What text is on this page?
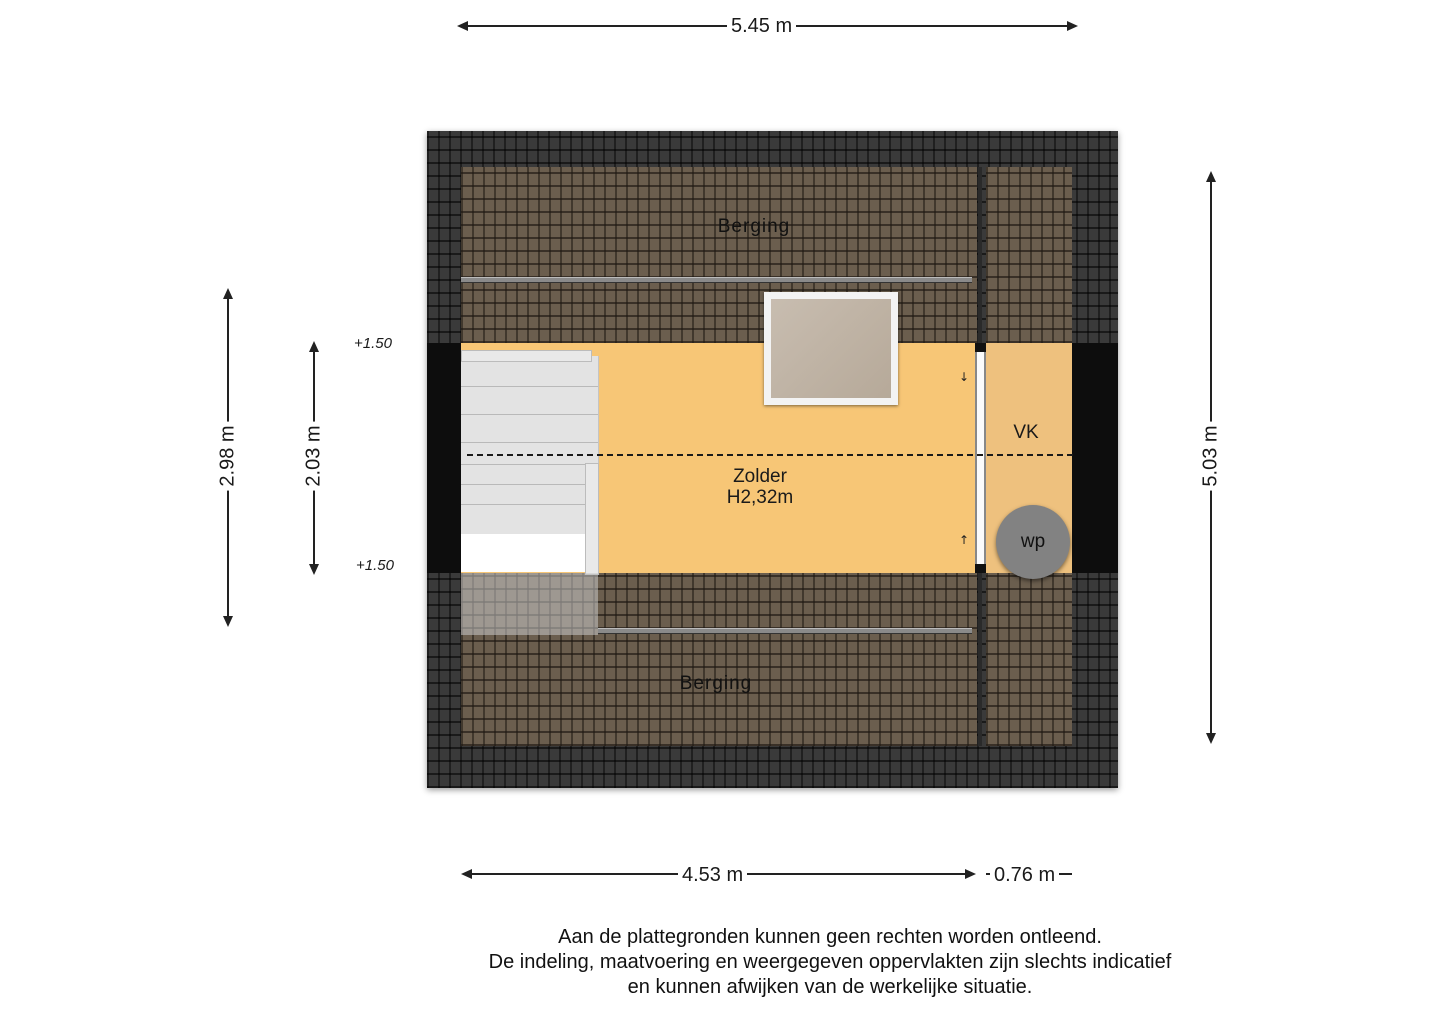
5.45 m
2.98 m	2.03 m	5.03 m
+1.50
+1.50
↓
↑
Berging
Berging
Zolder
H2,32m
VK
wp
4.53 m	0.76 m
Aan de plattegronden kunnen geen rechten worden ontleend.
De indeling, maatvoering en weergegeven oppervlakten zijn slechts indicatief
en kunnen afwijken van de werkelijke situatie.
